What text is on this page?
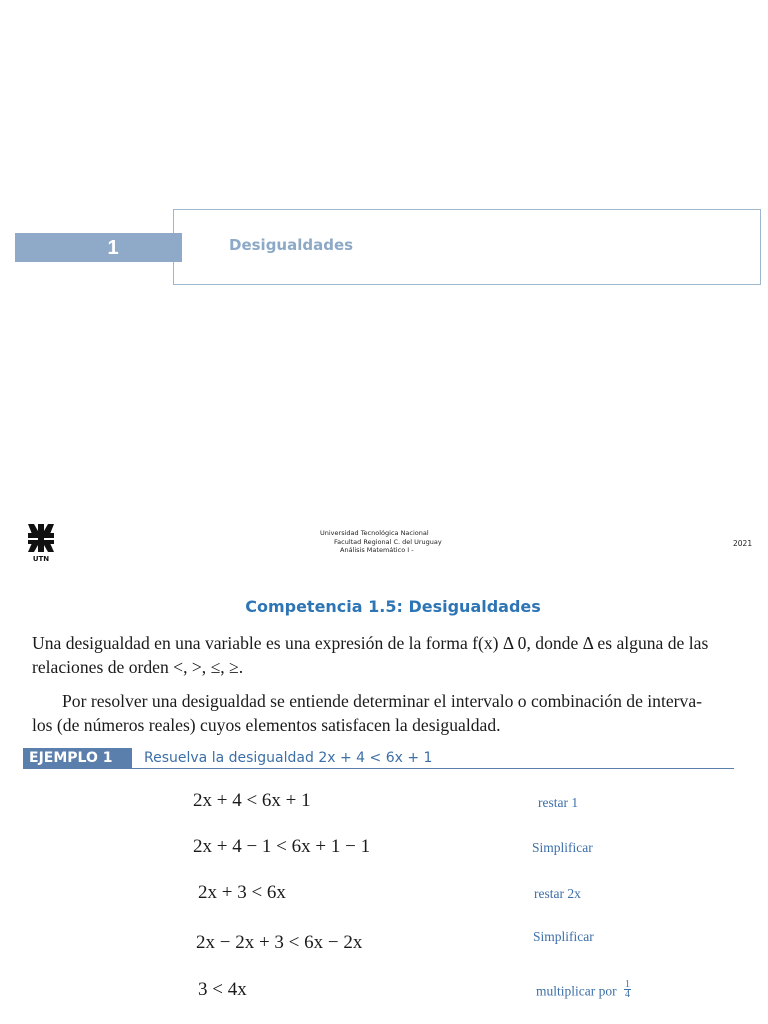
1	Desigualdades
UTN
Universidad Tecnológica Nacional
Facultad Regional C. del Uruguay
Análisis Matemático I -
2021
Competencia 1.5: Desigualdades
Una desigualdad en una variable es una expresión de la forma f(x) Δ 0, donde Δ es alguna de las
relaciones de orden <, >, ≤, ≥.
Por resolver una desigualdad se entiende determinar el intervalo o combinación de interva-
los (de números reales) cuyos elementos satisfacen la desigualdad.
EJEMPLO 1	Resuelva la desigualdad 2x + 4 < 6x + 1
2x + 4 < 6x + 1	restar 1
2x + 4 − 1 < 6x + 1 − 1	Simplificar
2x + 3 < 6x	restar 2x
2x − 2x + 3 < 6x − 2x	Simplificar
3 < 4x	multiplicar por $\frac{1}{4}$
